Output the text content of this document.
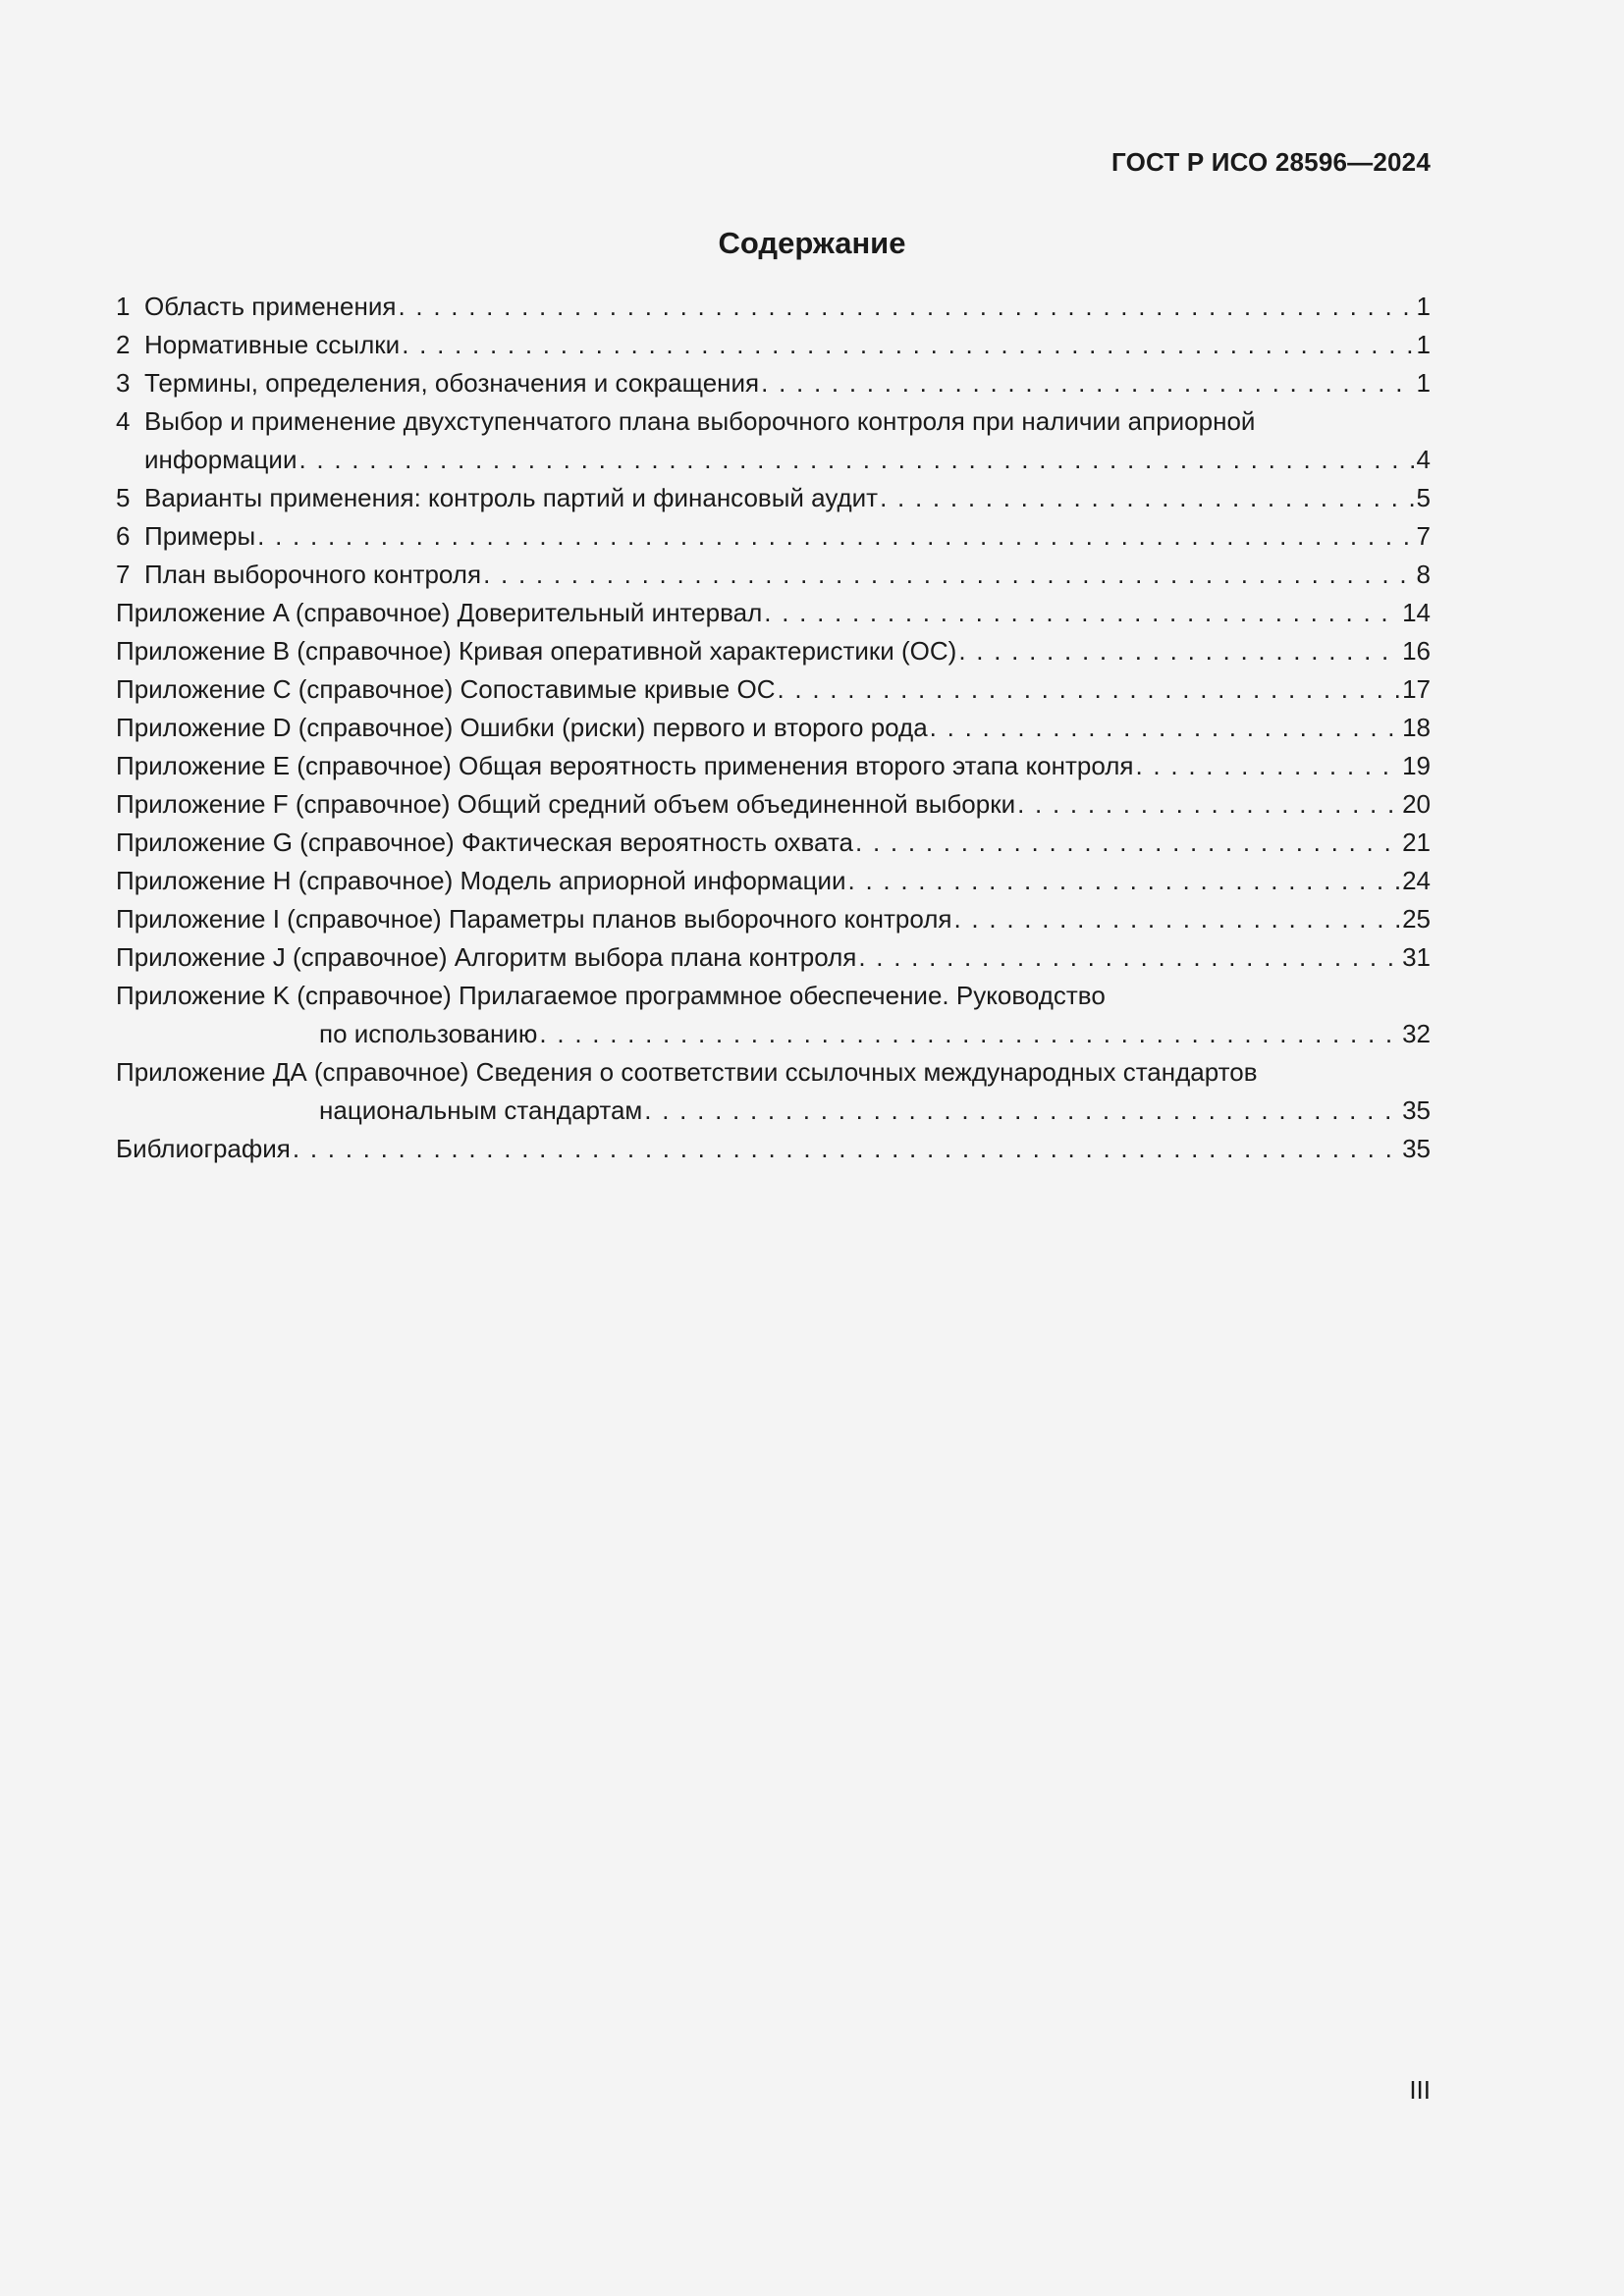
ГОСТ Р ИСО 28596—2024
Содержание
1 Область применения . . .	1
2 Нормативные ссылки . . .	1
3 Термины, определения, обозначения и сокращения . . .	1
4 Выбор и применение двухступенчатого плана выборочного контроля при наличии априорной
информации . . .	4
5 Варианты применения: контроль партий и финансовый аудит . . .	5
6 Примеры . . .	7
7 План выборочного контроля . . .	8
Приложение A (справочное) Доверительный интервал . . .	14
Приложение B (справочное) Кривая оперативной характеристики (ОС) . . .	16
Приложение C (справочное) Сопоставимые кривые ОС . . .	17
Приложение D (справочное) Ошибки (риски) первого и второго рода . . .	18
Приложение E (справочное) Общая вероятность применения второго этапа контроля . . .	19
Приложение F (справочное) Общий средний объем объединенной выборки . . .	20
Приложение G (справочное) Фактическая вероятность охвата . . .	21
Приложение H (справочное) Модель априорной информации . . .	24
Приложение I (справочное) Параметры планов выборочного контроля . . .	25
Приложение J (справочное) Алгоритм выбора плана контроля . . .	31
Приложение K (справочное) Прилагаемое программное обеспечение. Руководство
по использованию . . .	32
Приложение ДА (справочное) Сведения о соответствии ссылочных международных стандартов
национальным стандартам . . .	35
Библиография . . .	35
III
